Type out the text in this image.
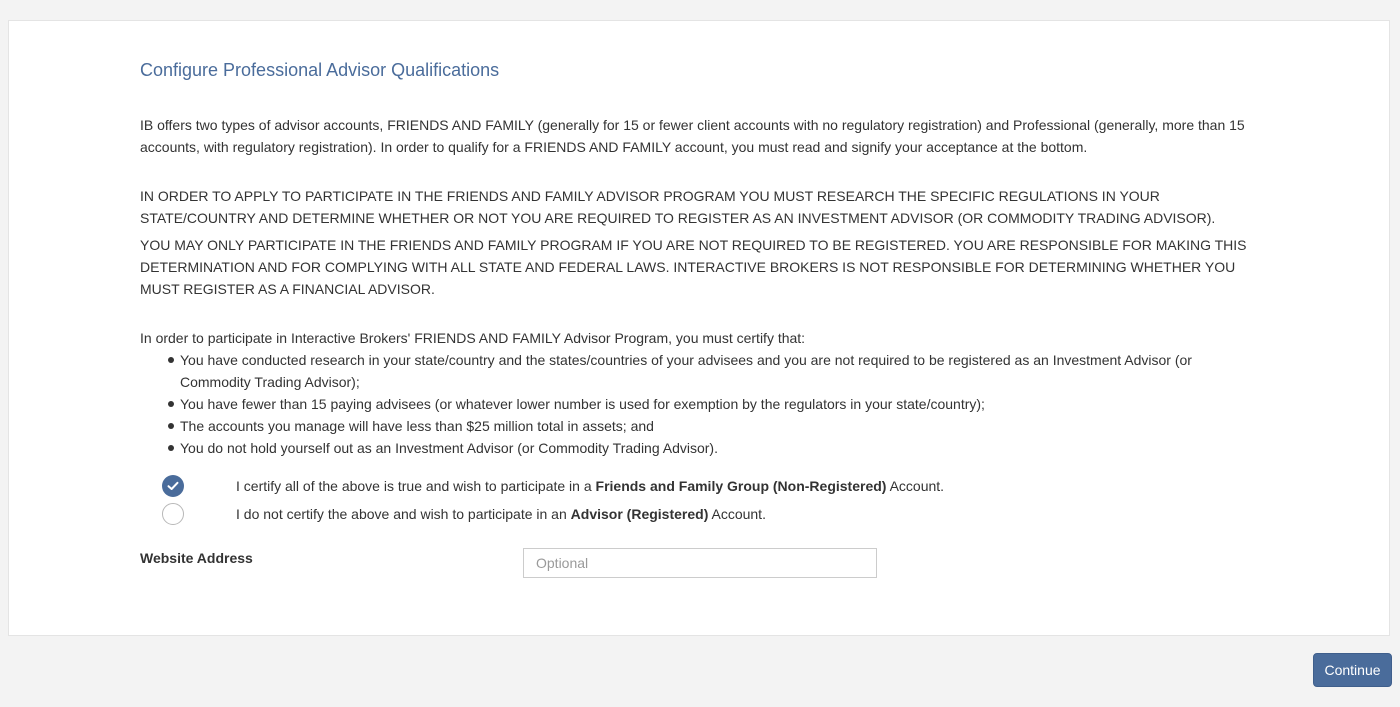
Configure Professional Advisor Qualifications

IB offers two types of advisor accounts, FRIENDS AND FAMILY (generally for 15 or fewer client accounts with no regulatory registration) and Professional (generally, more than 15 accounts, with regulatory registration). In order to qualify for a FRIENDS AND FAMILY account, you must read and signify your acceptance at the bottom.

IN ORDER TO APPLY TO PARTICIPATE IN THE FRIENDS AND FAMILY ADVISOR PROGRAM YOU MUST RESEARCH THE SPECIFIC REGULATIONS IN YOUR STATE/COUNTRY AND DETERMINE WHETHER OR NOT YOU ARE REQUIRED TO REGISTER AS AN INVESTMENT ADVISOR (OR COMMODITY TRADING ADVISOR).

YOU MAY ONLY PARTICIPATE IN THE FRIENDS AND FAMILY PROGRAM IF YOU ARE NOT REQUIRED TO BE REGISTERED. YOU ARE RESPONSIBLE FOR MAKING THIS DETERMINATION AND FOR COMPLYING WITH ALL STATE AND FEDERAL LAWS. INTERACTIVE BROKERS IS NOT RESPONSIBLE FOR DETERMINING WHETHER YOU MUST REGISTER AS A FINANCIAL ADVISOR.

In order to participate in Interactive Brokers' FRIENDS AND FAMILY Advisor Program, you must certify that:

You have conducted research in your state/country and the states/countries of your advisees and you are not required to be registered as an Investment Advisor (or Commodity Trading Advisor);
You have fewer than 15 paying advisees (or whatever lower number is used for exemption by the regulators in your state/country);
The accounts you manage will have less than $25 million total in assets; and
You do not hold yourself out as an Investment Advisor (or Commodity Trading Advisor).
I certify all of the above is true and wish to participate in a Friends and Family Group (Non-Registered) Account.
I do not certify the above and wish to participate in an Advisor (Registered) Account.
Website Address
Optional
Continue
